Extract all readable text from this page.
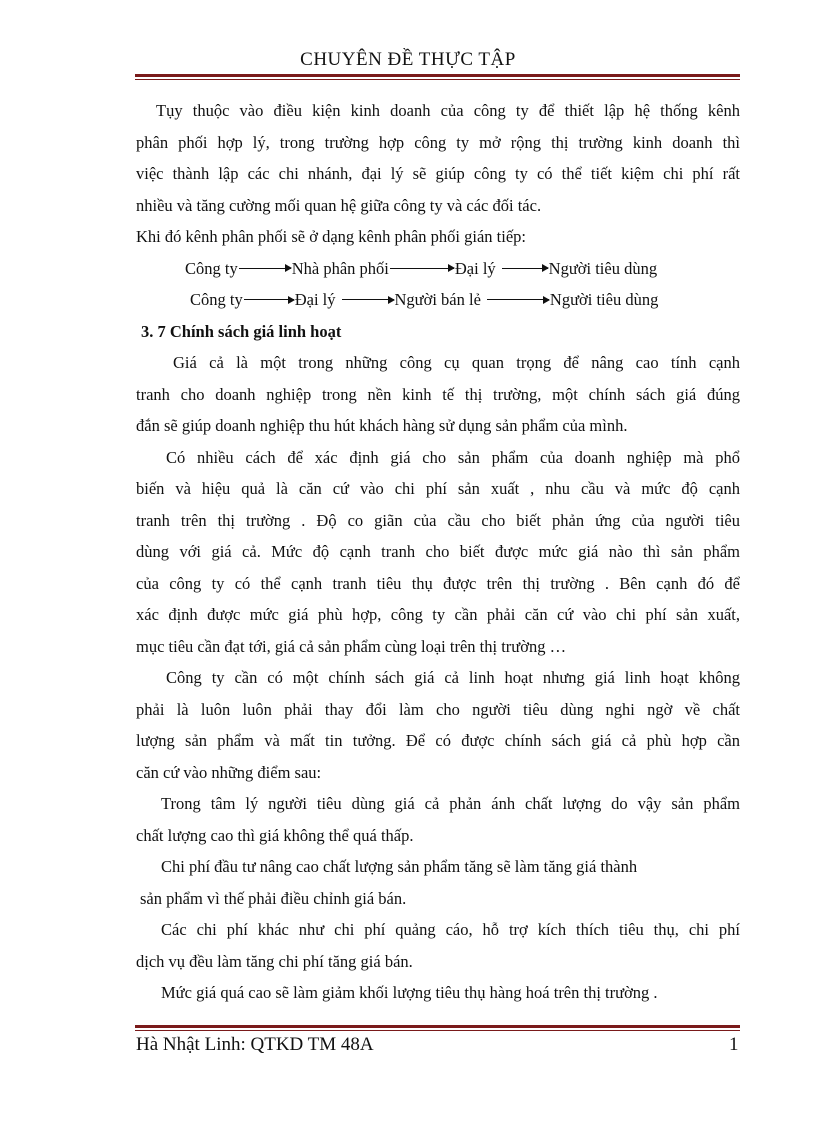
CHUYÊN ĐỀ THỰC TẬP
Tụy thuộc vào điều kiện kinh doanh của công ty để thiết lập hệ thống kênh
phân phối hợp lý, trong trường hợp công ty mở rộng thị trường kinh doanh thì
việc thành lập các chi nhánh, đại lý sẽ giúp công ty có thể tiết kiệm chi phí rất
nhiều và tăng cường mối quan hệ giữa công ty và các đối tác.
Khi đó kênh phân phối sẽ ở dạng kênh phân phối gián tiếp:
Công ty	Nhà phân phối	Đại lý	Người tiêu dùng
Công ty	Đại lý	Người bán lẻ	Người tiêu dùng
3. 7 Chính sách giá linh hoạt
Giá cả là một trong những công cụ quan trọng để nâng cao tính cạnh
tranh cho doanh nghiệp trong nền kinh tế thị trường, một chính sách giá đúng
đắn sẽ giúp doanh nghiệp thu hút khách hàng sử dụng sản phẩm của mình.
Có nhiều cách để xác định giá cho sản phẩm của doanh nghiệp mà phổ
biến và hiệu quả là căn cứ vào chi phí sản xuất , nhu cầu và mức độ cạnh
tranh trên thị trường . Độ co giãn của cầu cho biết phản ứng của người tiêu
dùng với giá cả. Mức độ cạnh tranh cho biết được mức giá nào thì sản phẩm
của công ty có thể cạnh tranh tiêu thụ được trên thị trường . Bên cạnh đó để
xác định được mức giá phù hợp, công ty cần phải căn cứ vào chi phí sản xuất,
mục tiêu cần đạt tới, giá cả sản phẩm cùng loại trên thị trường …
Công ty cần có một chính sách giá cả linh hoạt nhưng giá linh hoạt không
phải là luôn luôn phải thay đổi làm cho người tiêu dùng nghi ngờ về chất
lượng sản phẩm và mất tin tưởng. Để có được chính sách giá cả phù hợp cần
căn cứ vào những điểm sau:
Trong tâm lý người tiêu dùng giá cả phản ánh chất lượng do vậy sản phẩm
chất lượng cao thì giá không thể quá thấp.
Chi phí đầu tư nâng cao chất lượng sản phẩm tăng sẽ làm tăng giá thành
sản phẩm vì thế phải điều chỉnh giá bán.
Các chi phí khác như chi phí quảng cáo, hỗ trợ kích thích tiêu thụ, chi phí
dịch vụ đều làm tăng chi phí tăng giá bán.
Mức giá quá cao sẽ làm giảm khối lượng tiêu thụ hàng hoá trên thị trường .
Hà Nhật Linh: QTKD TM 48A	1
